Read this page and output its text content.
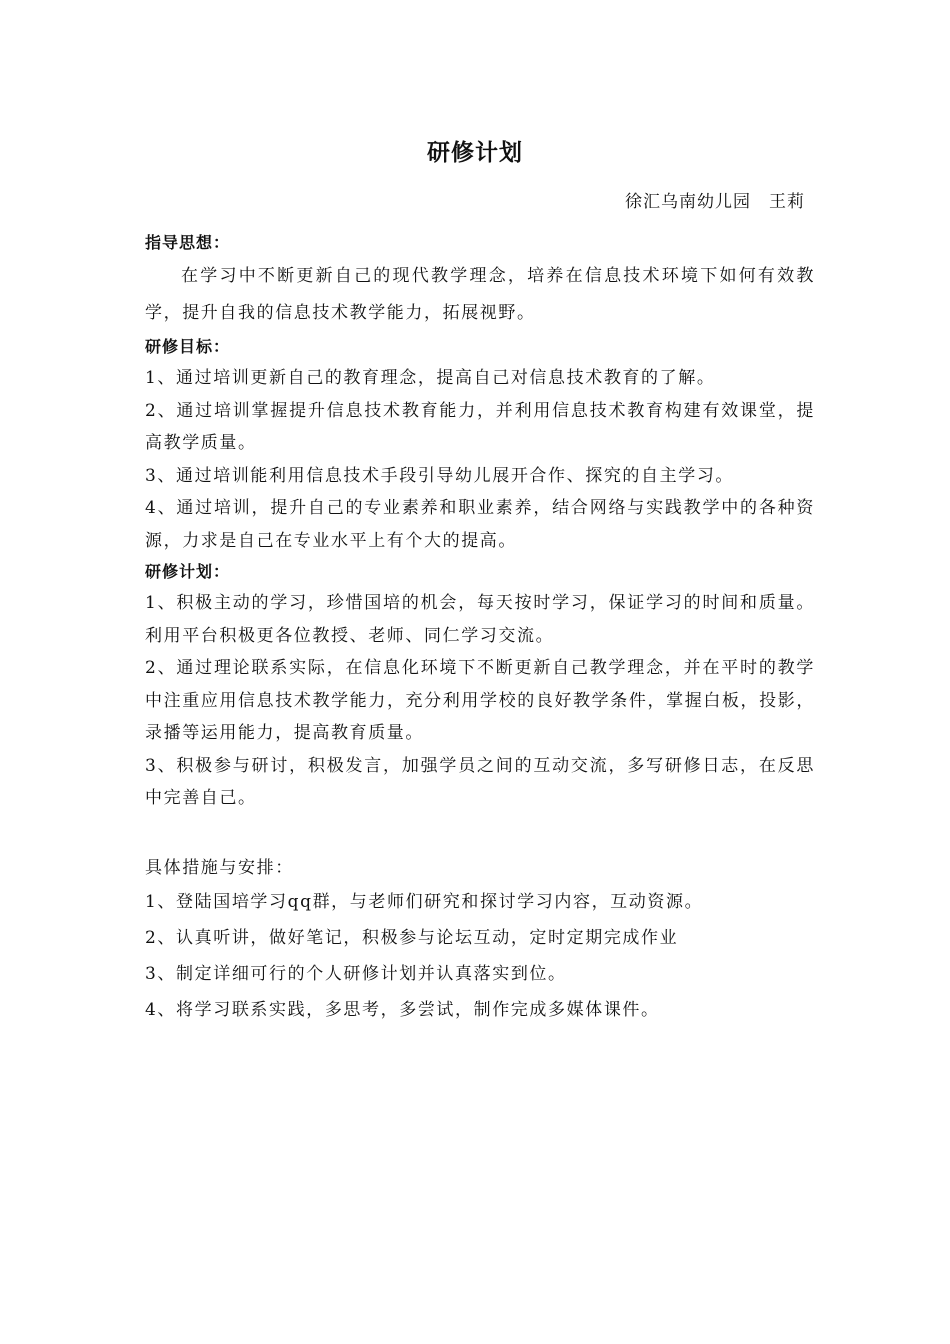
研修计划
徐汇乌南幼儿园　王莉

指导思想：

在学习中不断更新自己的现代教学理念，培养在信息技术环境下如何有效教学，提升自我的信息技术教学能力，拓展视野。

研修目标：

1、通过培训更新自己的教育理念，提高自己对信息技术教育的了解。

2、通过培训掌握提升信息技术教育能力，并利用信息技术教育构建有效课堂，提高教学质量。

3、通过培训能利用信息技术手段引导幼儿展开合作、探究的自主学习。

4、通过培训，提升自己的专业素养和职业素养，结合网络与实践教学中的各种资源，力求是自己在专业水平上有个大的提高。

研修计划：

1、积极主动的学习，珍惜国培的机会，每天按时学习，保证学习的时间和质量。利用平台积极更各位教授、老师、同仁学习交流。

2、通过理论联系实际，在信息化环境下不断更新自己教学理念，并在平时的教学中注重应用信息技术教学能力，充分利用学校的良好教学条件，掌握白板，投影，录播等运用能力，提高教育质量。

3、积极参与研讨，积极发言，加强学员之间的互动交流，多写研修日志，在反思中完善自己。

具体措施与安排：

1、登陆国培学习qq群，与老师们研究和探讨学习内容，互动资源。

2、认真听讲，做好笔记，积极参与论坛互动，定时定期完成作业

3、制定详细可行的个人研修计划并认真落实到位。

4、将学习联系实践，多思考，多尝试，制作完成多媒体课件。
